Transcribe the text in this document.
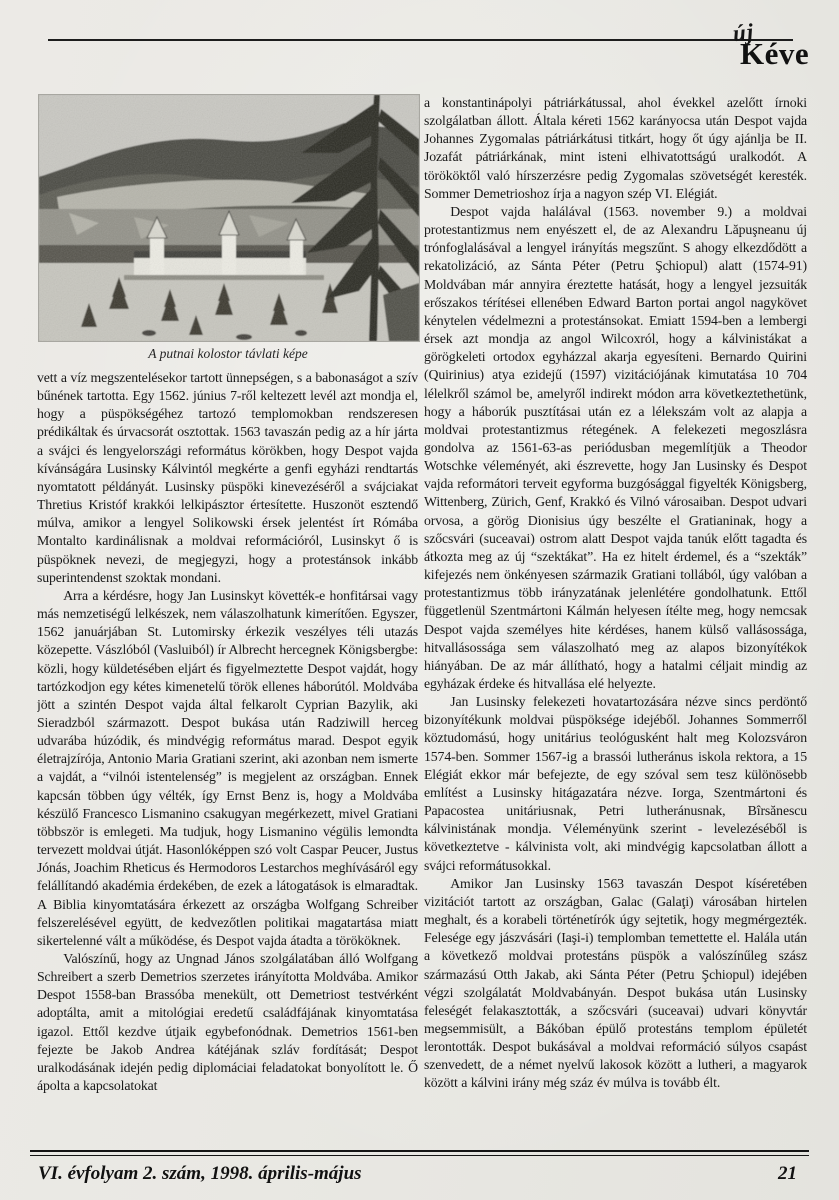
új
Kéve
A putnai kolostor távlati képe

vett a víz megszentelésekor tartott ünnepségen, s a babonaságot a szív bűnének tartotta. Egy 1562. június 7-ről keltezett levél azt mondja el, hogy a püspökségéhez tartozó templomokban rendszeresen prédikáltak és úrvacsorát osztottak. 1563 tavaszán pedig az a hír járta a svájci és lengyelországi református körökben, hogy Despot vajda kívánságára Lusinsky Kálvintól megkérte a genfi egyházi rendtartás nyomtatott példányát. Lusinsky püspöki kinevezéséről a svájciakat Thretius Kristóf krakkói lelkipásztor értesítette. Huszonöt esztendő múlva, amikor a lengyel Solikowski érsek jelentést írt Rómába Montalto kardinálisnak a moldvai reformációról, Lusinskyt ő is püspöknek nevezi, de megjegyzi, hogy a protestánsok inkább superintendenst szoktak mondani.

Arra a kérdésre, hogy Jan Lusinskyt követték-e honfitársai vagy más nemzetiségű lelkészek, nem válaszolhatunk kimerítően. Egyszer, 1562 januárjában St. Lutomirsky érkezik veszélyes téli utazás közepette. Vászlóból (Vasluiból) ír Albrecht hercegnek Königsbergbe: közli, hogy küldetésében eljárt és figyelmeztette Despot vajdát, hogy tartózkodjon egy kétes kimenetelű török ellenes háborútól. Moldvába jött a szintén Despot vajda által felkarolt Cyprian Bazylik, aki Sieradzból származott. Despot bukása után Radziwill herceg udvarába húzódik, és mindvégig református marad. Despot egyik életrajzírója, Antonio Maria Gratiani szerint, aki azonban nem ismerte a vajdát, a “vilnói istentelenség” is megjelent az országban. Ennek kapcsán többen úgy vélték, így Ernst Benz is, hogy a Moldvába készülő Francesco Lismanino csakugyan megérkezett, mivel Gratiani többször is emlegeti. Ma tudjuk, hogy Lismanino végülis lemondta tervezett moldvai útját. Hasonlóképpen szó volt Caspar Peucer, Justus Jónás, Joachim Rheticus és Hermodoros Lestarchos meghívásáról egy felállítandó akadémia érdekében, de ezek a látogatások is elmaradtak. A Biblia kinyomtatására érkezett az országba Wolfgang Schreiber felszerelésével együtt, de kedvezőtlen politikai magatartása miatt sikertelenné vált a működése, és Despot vajda átadta a törököknek.

Valószínű, hogy az Ungnad János szolgálatában álló Wolfgang Schreibert a szerb Demetrios szerzetes irányította Moldvába. Amikor Despot 1558-ban Brassóba menekült, ott Demetriost testvérként adoptálta, amit a mitológiai eredetű családfájának kinyomtatása igazol. Ettől kezdve útjaik egybefonódnak. Demetrios 1561-ben fejezte be Jakob Andrea kátéjának szláv fordítását; Despot uralkodásának idején pedig diplomáciai feladatokat bonyolított le. Ő ápolta a kapcsolatokat

a konstantinápolyi pátriárkátussal, ahol évekkel azelőtt írnoki szolgálatban állott. Általa kéreti 1562 karányocsa után Despot vajda Johannes Zygomalas pátriárkátusi titkárt, hogy őt úgy ajánlja be II. Jozafát pátriárkának, mint isteni elhivatottságú uralkodót. A törököktől való hírszerzésre pedig Zygomalas szövetségét keresték. Sommer Demetrioshoz írja a nagyon szép VI. Elégiát.

Despot vajda halálával (1563. november 9.) a moldvai protestantizmus nem enyészett el, de az Alexandru Lăpuşneanu új trónfoglalásával a lengyel irányítás megszűnt. S ahogy elkezdődött a rekatolizáció, az Sánta Péter (Petru Şchiopul) alatt (1574-91) Moldvában már annyira éreztette hatását, hogy a lengyel jezsuiták erőszakos térítései ellenében Edward Barton portai angol nagykövet kénytelen védelmezni a protestánsokat. Emiatt 1594-ben a lembergi érsek azt mondja az angol Wilcoxról, hogy a kálvinistákat a görögkeleti ortodox egyházzal akarja egyesíteni. Bernardo Quirini (Quirinius) atya ezidejű (1597) vizitációjának kimutatása 10 704 lélelkről számol be, amelyről indirekt módon arra következtethetünk, hogy a háborúk pusztításai után ez a lélekszám volt az alapja a moldvai protestantizmus rétegének. A felekezeti megoszlásra gondolva az 1561-63-as periódusban megemlítjük a Theodor Wotschke véleményét, aki észrevette, hogy Jan Lusinsky és Despot vajda reformátori terveit egyforma buzgósággal figyelték Königsberg, Wittenberg, Zürich, Genf, Krakkó és Vilnó városaiban. Despot udvari orvosa, a görög Dionisius úgy beszélte el Gratianinak, hogy a szőcsvári (suceavai) ostrom alatt Despot vajda tanúk előtt tagadta és átkozta meg az új “szektákat”. Ha ez hitelt érdemel, és a “szekták” kifejezés nem önkényesen származik Gratiani tollából, úgy valóban a protestantizmus több irányzatának jelenlétére gondolhatunk. Ettől függetlenül Szentmártoni Kálmán helyesen ítélte meg, hogy nemcsak Despot vajda személyes hite kérdéses, hanem külső vallásossága, hitvallásossága sem válaszolható meg az alapos bizonyítékok hiányában. De az már állítható, hogy a hatalmi céljait mindig az egyházak érdeke és hitvallása elé helyezte.

Jan Lusinsky felekezeti hovatartozására nézve sincs perdöntő bizonyítékunk moldvai püspöksége idejéből. Johannes Sommerről köztudomású, hogy unitárius teológusként halt meg Kolozsváron 1574-ben. Sommer 1567-ig a brassói lutheránus iskola rektora, a 15 Elégiát ekkor már befejezte, de egy szóval sem tesz különösebb említést a Lusinsky hitágazatára nézve. Iorga, Szentmártoni és Papacostea unitáriusnak, Petri lutheránusnak, Bîrsănescu kálvinistának mondja. Véleményünk szerint - levelezéséből is következtetve - kálvinista volt, aki mindvégig kapcsolatban állott a svájci reformátusokkal.

Amikor Jan Lusinsky 1563 tavaszán Despot kíséretében vizitációt tartott az országban, Galac (Galaţi) városában hirtelen meghalt, és a korabeli történetírók úgy sejtetik, hogy megmérgezték. Felesége egy jászvásári (Iaşi-i) templomban temettette el. Halála után a következő moldvai protestáns püspök a valószínűleg szász származású Otth Jakab, aki Sánta Péter (Petru Şchiopul) idejében végzi szolgálatát Moldvabányán. Despot bukása után Lusinsky feleségét felakasztották, a szőcsvári (suceavai) udvari könyvtár megsemmisült, a Bákóban épülő protestáns templom épületét lerontották. Despot bukásával a moldvai reformáció súlyos csapást szenvedett, de a német nyelvű lakosok között a lutheri, a magyarok között a kálvini irány még száz év múlva is tovább élt.

VI. évfolyam 2. szám, 1998. április-május	21
